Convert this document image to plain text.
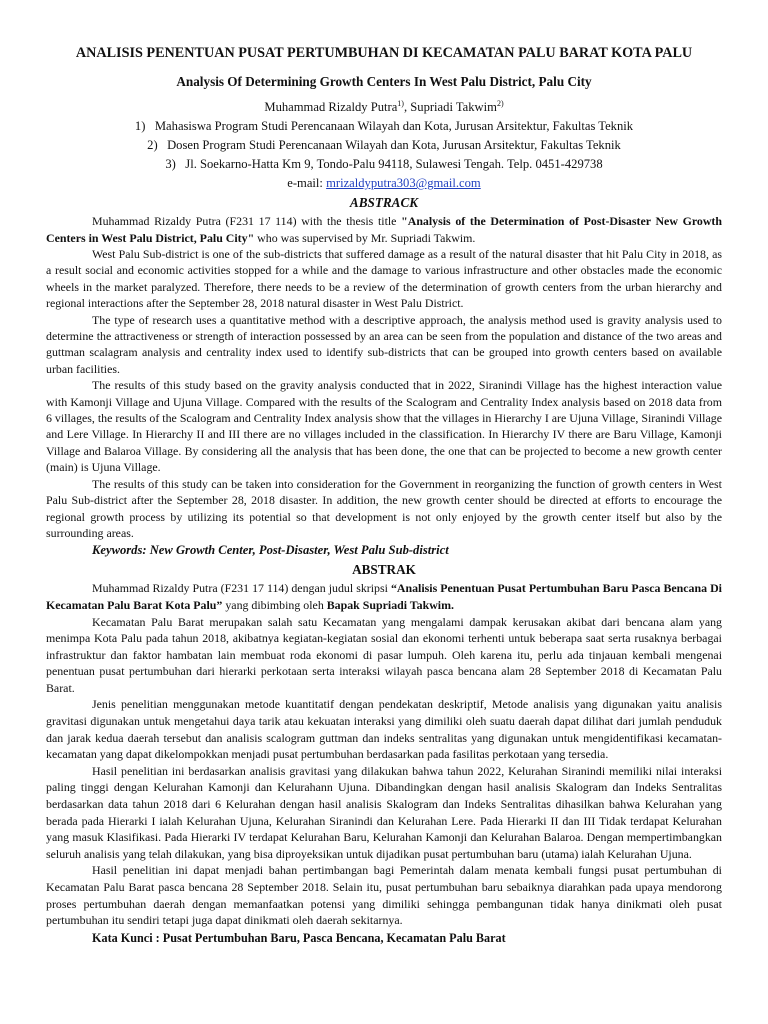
ANALISIS PENENTUAN PUSAT PERTUMBUHAN DI KECAMATAN PALU BARAT KOTA PALU
Analysis Of Determining Growth Centers In West Palu District, Palu City
Muhammad Rizaldy Putra$^{1)}$, Supriadi Takwim$^{2)}$
1)   Mahasiswa Program Studi Perencanaan Wilayah dan Kota, Jurusan Arsitektur, Fakultas Teknik
2)   Dosen Program Studi Perencanaan Wilayah dan Kota, Jurusan Arsitektur, Fakultas Teknik
3)   Jl. Soekarno-Hatta Km 9, Tondo-Palu 94118, Sulawesi Tengah. Telp. 0451-429738
e-mail: mrizaldyputra303@gmail.com
ABSTRACK

Muhammad Rizaldy Putra (F231 17 114) with the thesis title "Analysis of the Determination of Post-Disaster New Growth Centers in West Palu District, Palu City" who was supervised by Mr. Supriadi Takwim.

West Palu Sub-district is one of the sub-districts that suffered damage as a result of the natural disaster that hit Palu City in 2018, as a result social and economic activities stopped for a while and the damage to various infrastructure and other obstacles made the economic wheels in the market paralyzed. Therefore, there needs to be a review of the determination of growth centers from the urban hierarchy and regional interactions after the September 28, 2018 natural disaster in West Palu District.

The type of research uses a quantitative method with a descriptive approach, the analysis method used is gravity analysis used to determine the attractiveness or strength of interaction possessed by an area can be seen from the population and distance of the two areas and guttman scalagram analysis and centrality index used to identify sub-districts that can be grouped into growth centers based on available urban facilities.

The results of this study based on the gravity analysis conducted that in 2022, Siranindi Village has the highest interaction value with Kamonji Village and Ujuna Village. Compared with the results of the Scalogram and Centrality Index analysis based on 2018 data from 6 villages, the results of the Scalogram and Centrality Index analysis show that the villages in Hierarchy I are Ujuna Village, Siranindi Village and Lere Village. In Hierarchy II and III there are no villages included in the classification. In Hierarchy IV there are Baru Village, Kamonji Village and Balaroa Village. By considering all the analysis that has been done, the one that can be projected to become a new growth center (main) is Ujuna Village.

The results of this study can be taken into consideration for the Government in reorganizing the function of growth centers in West Palu Sub-district after the September 28, 2018 disaster. In addition, the new growth center should be directed at efforts to encourage the regional growth process by utilizing its potential so that development is not only enjoyed by the growth center itself but also by the surrounding areas.

Keywords: New Growth Center, Post-Disaster, West Palu Sub-district
ABSTRAK

Muhammad Rizaldy Putra (F231 17 114) dengan judul skripsi “Analisis Penentuan Pusat Pertumbuhan Baru Pasca Bencana Di Kecamatan Palu Barat Kota Palu” yang dibimbing oleh Bapak Supriadi Takwim.

Kecamatan Palu Barat merupakan salah satu Kecamatan yang mengalami dampak kerusakan akibat dari bencana alam yang menimpa Kota Palu pada tahun 2018, akibatnya kegiatan-kegiatan sosial dan ekonomi terhenti untuk beberapa saat serta rusaknya berbagai infrastruktur dan faktor hambatan lain membuat roda ekonomi di pasar lumpuh. Oleh karena itu, perlu ada tinjauan kembali mengenai penentuan pusat pertumbuhan dari hierarki perkotaan serta interaksi wilayah pasca bencana alam 28 September 2018 di Kecamatan Palu Barat.

Jenis penelitian menggunakan metode kuantitatif dengan pendekatan deskriptif, Metode analisis yang digunakan yaitu analisis gravitasi digunakan untuk mengetahui daya tarik atau kekuatan interaksi yang dimiliki oleh suatu daerah dapat dilihat dari jumlah penduduk dan jarak kedua daerah tersebut dan analisis scalogram guttman dan indeks sentralitas yang digunakan untuk mengidentifikasi kecamatan-kecamatan yang dapat dikelompokkan menjadi pusat pertumbuhan berdasarkan pada fasilitas perkotaan yang tersedia.

Hasil penelitian ini berdasarkan analisis gravitasi yang dilakukan bahwa tahun 2022, Kelurahan Siranindi memiliki nilai interaksi paling tinggi dengan Kelurahan Kamonji dan Kelurahann Ujuna. Dibandingkan dengan hasil analisis Skalogram dan Indeks Sentralitas berdasarkan data tahun 2018 dari 6 Kelurahan dengan hasil analisis Skalogram dan Indeks Sentralitas dihasilkan bahwa Kelurahan yang berada pada Hierarki I ialah Kelurahan Ujuna, Kelurahan Siranindi dan Kelurahan Lere. Pada Hierarki II dan III Tidak terdapat Kelurahan yang masuk Klasifikasi. Pada Hierarki IV terdapat Kelurahan Baru, Kelurahan Kamonji dan Kelurahan Balaroa. Dengan mempertimbangkan seluruh analisis yang telah dilakukan, yang bisa diproyeksikan untuk dijadikan pusat pertumbuhan baru (utama) ialah Kelurahan Ujuna.

Hasil penelitian ini dapat menjadi bahan pertimbangan bagi Pemerintah dalam menata kembali fungsi pusat pertumbuhan di Kecamatan Palu Barat pasca bencana 28 September 2018. Selain itu, pusat pertumbuhan baru sebaiknya diarahkan pada upaya mendorong proses pertumbuhan daerah dengan memanfaatkan potensi yang dimiliki sehingga pembangunan tidak hanya dinikmati oleh pusat pertumbuhan itu sendiri tetapi juga dapat dinikmati oleh daerah sekitarnya.

Kata Kunci : Pusat Pertumbuhan Baru, Pasca Bencana, Kecamatan Palu Barat
